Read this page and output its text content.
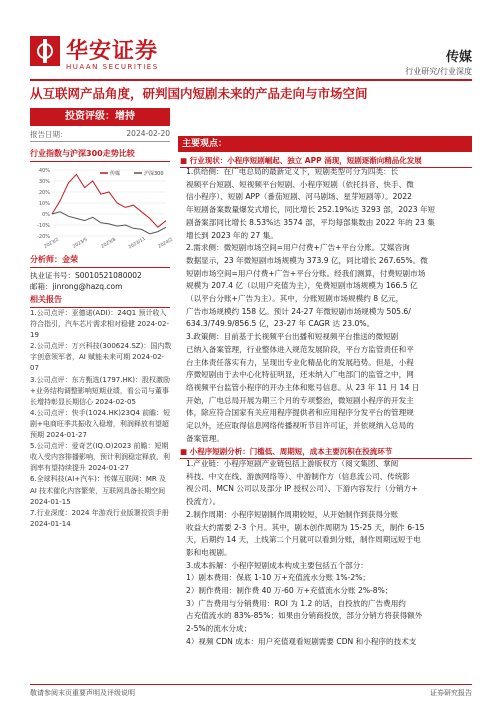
华安证券
HUAAN SECURITIES
传媒
行业研究/行业深度
从互联网产品角度，研判国内短剧未来的产品走向与市场空间
投资评级：增持
报告日期：	2024-02-20
行业指数与沪深300走势比较
40%
30%
20%
10%
0%
-10%
-20%
2023/2	2023/5	2023/8 2023/11 2024/2
传媒	沪深300
分析师：金荣
执业证书号：S0010521080002
邮箱：jinrong@hazq.com
相关报告
1.公司点评：亚德诺(ADI)：24Q1 预计收入符合指引，汽车芯片需求相对稳健 2024-02-19
2.公司点评：万兴科技(300624.SZ)：国内数字创意领军者，AI 赋能未来可期 2024-02-07
3.公司点评：东方甄选(1797.HK)：股权激励+业务结构调整影响短期业绩，看公司与董事长增持彰显长期信心 2024-02-05
4.公司点评：快手(1024.HK)23Q4 前瞻：短剧+电商旺季共振收入稳增，利润释放有望超预期 2024-01-27
5.公司点评：爱奇艺(IQ.O)2023 前瞻：短期收入受内容排播影响，预计利润稳定释放，利润率有望持续提升 2024-01-27
6.全球科技(AI+汽车)：传媒互联网：MR 及 AI 技术催化内容繁荣，互联网具备长期空间 2024-01-15
7.行业深度：2024 年游戏行业版署投资手册 2024-01-14
主要观点：
■ 行业现状：小程序短剧崛起、独立 APP 涌现，短剧逐渐向精品化发展
1.供给侧：在广电总局的最新定义下，短剧类型可分为四类：长
视频平台短剧、短视频平台短剧、小程序短剧（依托抖音、快手、微
信小程序）、短剧 APP（番茄短剧、河马剧场、星芽短剧等）。2022
年短剧备案数量爆发式增长，同比增长 252.19%达 3293 部，2023 年短
剧备案部同比增长 8.53%达 3574 部，平均每部集数由 2022 年的 23 集
增长到 2023 年的 27 集。
2.需求侧：微短剧市场空间=用户付费+广告+平台分账。艾媒咨询
数据显示，23 年微短剧市场规模为 373.9 亿，同比增长 267.65%。微
短剧市场空间=用户付费+广告+平台分账。经我们测算，付费短剧市场
规模为 207.4 亿（以用户充值为主），免费短剧市场规模为 166.5 亿
（以平台分账+广告为主）。其中，分账短剧市场规模约 8 亿元，
广告市场规模约 158 亿。预计 24-27 年微短剧市场规模为 505.6/
634.3/749.9/856.5 亿，23-27 年 CAGR 达 23.0%。
3.政策侧：目前基于长视频平台出播和短视频平台推送的微短剧
已纳入备案管理，行业整体进入规范发展阶段，平台方监管责任和平
台主体责任落实有力，呈现出专业化精品化的发展趋势。但是，小程
序微短剧由于去中心化特征明显，还未纳入广电部门的监管之中，网
络视频平台监管小程序的开办主体和账号信息。从 23 年 11 月 14 日
开始，广电总局开展为期三个月的专项整治，微短剧小程序的开发主
体，除应符合国家有关应用程序提供者和应用程序分发平台的管理规
定以外，还应取得信息网络传播视听节目许可证，并依规纳入总局的
备案管理。
■ 小程序短剧分析：门槛低、周期短，成本主要沉积在投流环节
1.产业链：小程序短剧产业链包括上游版权方（阅文集团、掌阅
科技、中文在线、游族网络等）、中游制作方（信息流公司、传统影
视公司、MCN 公司以及部分 IP 授权公司）、下游内容发行（分销方+
投流方）。
2.制作周期：小程序短剧制作周期较短，从开始制作到获得分账
收益大约需要 2-3 个月。其中，剧本创作周期为 15-25 天，制作 6-15
天，后期约 14 天，上线第二个月就可以看到分账，制作周期远短于电
影和电视剧。
3.成本拆解：小程序短剧成本构成主要包括五个部分：
1）剧本费用：保底 1-10 万+充值流水分账 1%-2%；
2）制作费用：制作费 40 万-60 万+充值流水分账 2%-8%；
3）广告费用与分销费用：ROI 为 1.2 的话，自投放的广告费用约
占充值流水的 83%-85%；如果由分销商投放，部分分销方将获得额外
2-5%的流水分成；
4）视频 CDN 成本：用户充值观看短剧需要 CDN 和小程序的技术支
敬请参阅末页重要声明及评级说明	证券研究报告
